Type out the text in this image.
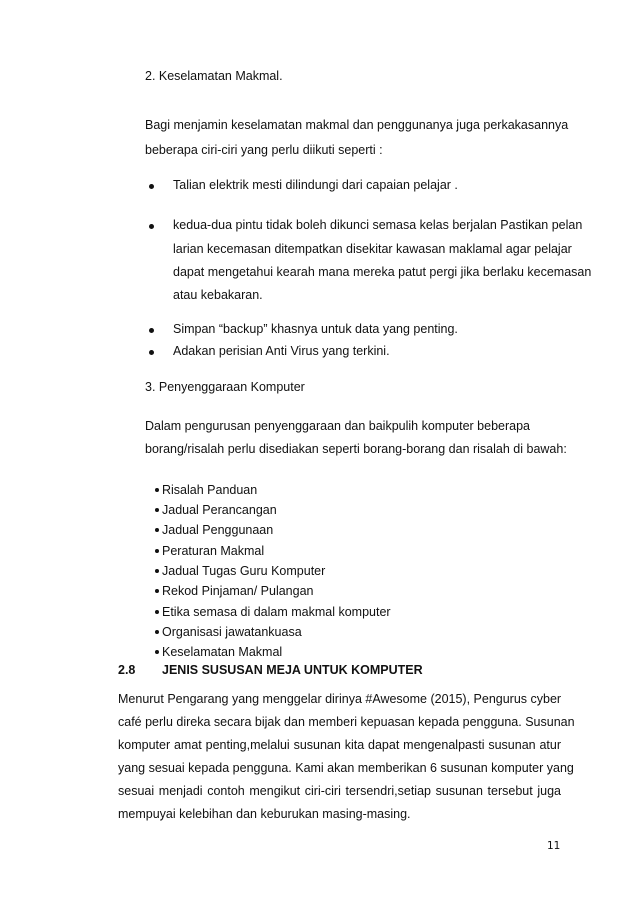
2. Keselamatan Makmal.
Bagi menjamin keselamatan makmal dan penggunanya juga perkakasannya
beberapa ciri-ciri yang perlu diikuti seperti :
Talian elektrik mesti dilindungi dari capaian pelajar .
kedua-dua pintu tidak boleh dikunci semasa kelas berjalan Pastikan pelan
larian kecemasan ditempatkan disekitar kawasan maklamal agar pelajar
dapat mengetahui kearah mana mereka patut pergi jika berlaku kecemasan
atau kebakaran.
Simpan “backup” khasnya untuk data yang penting.
Adakan perisian Anti Virus yang terkini.
3. Penyenggaraan Komputer
Dalam pengurusan penyenggaraan dan baikpulih komputer beberapa
borang/risalah perlu disediakan seperti borang-borang dan risalah di bawah:
Risalah Panduan
Jadual Perancangan
Jadual Penggunaan
Peraturan Makmal
Jadual Tugas Guru Komputer
Rekod Pinjaman/ Pulangan
Etika semasa di dalam makmal komputer
Organisasi jawatankuasa
Keselamatan Makmal
2.8 JENIS SUSUSAN MEJA UNTUK KOMPUTER
Menurut Pengarang yang menggelar dirinya #Awesome (2015), Pengurus cyber
café perlu direka secara bijak dan memberi kepuasan kepada pengguna. Susunan
komputer amat penting,melalui susunan kita dapat mengenalpasti susunan atur
yang sesuai kepada pengguna. Kami akan memberikan 6 susunan komputer yang
sesuai menjadi contoh mengikut ciri-ciri tersendri,setiap susunan tersebut juga
mempuyai kelebihan dan keburukan masing-masing.
11
